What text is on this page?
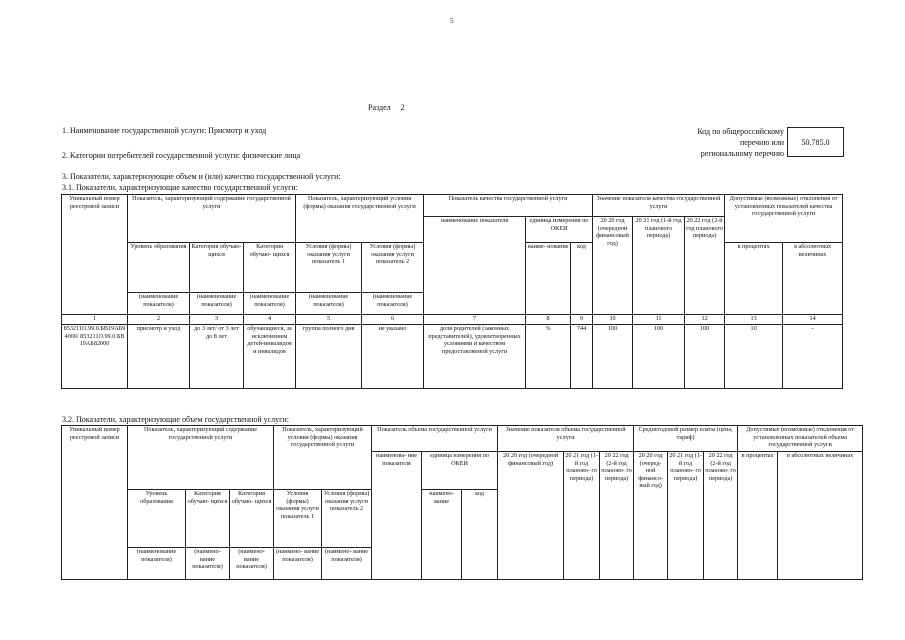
5
Раздел 2
1. Наименование государственной услуги: Присмотр и уход
2. Категории потребителей государственной услуги: физические лица
Код по общероссийскому
перечню или
региональному перечню
50.785.0
3. Показатели, характеризующие объем и (или) качество государственной услуги:
3.1. Показатели, характеризующие качество государственной услуги:
Уникальный номер реестровой записи	Показатель, характеризующий содержание государственной услуги			Показатель, характеризующий условия (формы) оказания государственной услуги		Показатель качества государственной услуги			Значение показателя качества государственной услуги			Допустимые (возможные) отклонения от установленных показателей качества государственной услуги	
						наименование показателя	единица измерения по ОКЕИ		20 20 год (очередной финансовый год)	20 21 год (1-й год планового периода)	20 22 год (2-й год планового периода)		
	Уровень образования	Категория обучаю- щихся	Категория обучаю- щихся	Условия (формы) оказания услуги показатель 1	Условия (формы) оказания услуги показатель 2		наиме- нование	код				в процентах	в абсолютных величинах
	(наименование показателя)	(наименование показателя)	(наименование показателя)	(наименование показателя)	(наименование показателя)								
1	2	3	4	5	6	7	8	9	10	11	12	13	14
853211О.99.0.БВ19АБ94000/ 853211О.99.0.БВ19АБ82000	присмотр и уход	до 3 лет/ от 3 лет до 8 лет	обучающиеся, за исключением детей-инвалидов и инвалидов	группа полного дня	не указано	доля родителей (законных представителей), удовлетворенных условиями и качеством предоставляемой услуги	%	744	100	100	100	10	-
3.2. Показатели, характеризующие объем государственной услуги:
Уникальный номер реестровой записи	Показатель, характеризующий содержание государственной услуги			Показатель, характеризующий условия (формы) оказания государственной услуги		Показатель объема государственной услуги			Значение показателя объема государственной услуги			Среднегодовой размер платы (цена, тариф)			Допустимые (возможные) отклонения от установленных показателей объема государственной услуги	
						наименова- ние показателя	единица измерения по ОКЕИ		20 20 год (очередной финансовый год)	20 21 год (1-й год планово- го периода)	20 22 год (2-й год планово- го периода)	20 20 год (очеред- ной финансо- вый год)	20 21 год (1-й год планово- го периода)	20 22 год (2-й год планово- го периода)	в процентах	в абсолютных величинах
	Уровень образования	Категория обучаю- щихся	Категория обучаю- щихся	Условия (формы) оказания услуги показатель 1	Условия (формы) оказания услуги показатель 2		наимено- вание	код								
	(наименование показателя)	(наимено- вание показателя)	(наимено- вание показателя)	(наимено- вание показателя)	(наимено- вание показателя)											
